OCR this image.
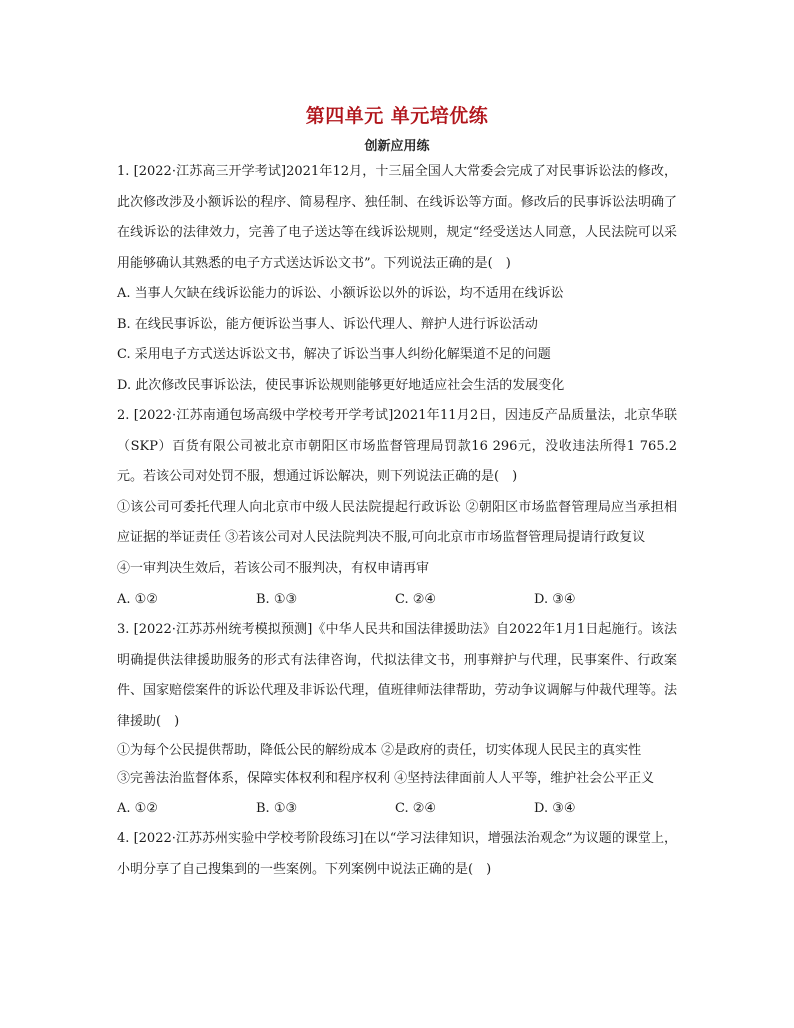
第四单元 单元培优练
创新应用练

1. [2022·江苏高三开学考试]2021年12月，十三届全国人大常委会完成了对民事诉讼法的修改，此次修改涉及小额诉讼的程序、简易程序、独任制、在线诉讼等方面。修改后的民事诉讼法明确了在线诉讼的法律效力，完善了电子送达等在线诉讼规则，规定“经受送达人同意，人民法院可以采用能够确认其熟悉的电子方式送达诉讼文书”。下列说法正确的是(　)

A. 当事人欠缺在线诉讼能力的诉讼、小额诉讼以外的诉讼，均不适用在线诉讼

B. 在线民事诉讼，能方便诉讼当事人、诉讼代理人、辩护人进行诉讼活动

C. 采用电子方式送达诉讼文书，解决了诉讼当事人纠纷化解渠道不足的问题

D. 此次修改民事诉讼法，使民事诉讼规则能够更好地适应社会生活的发展变化

2. [2022·江苏南通包场高级中学校考开学考试]2021年11月2日，因违反产品质量法，北京华联（SKP）百货有限公司被北京市朝阳区市场监督管理局罚款16 296元，没收违法所得1 765.2元。若该公司对处罚不服，想通过诉讼解决，则下列说法正确的是(　)

①该公司可委托代理人向北京市中级人民法院提起行政诉讼 ②朝阳区市场监督管理局应当承担相应证据的举证责任 ③若该公司对人民法院判决不服,可向北京市市场监督管理局提请行政复议

④一审判决生效后，若该公司不服判决，有权申请再审

A. ①②	B. ①③	C. ②④	D. ③④

3. [2022·江苏苏州统考模拟预测]《中华人民共和国法律援助法》自2022年1月1日起施行。该法明确提供法律援助服务的形式有法律咨询，代拟法律文书，刑事辩护与代理，民事案件、行政案件、国家赔偿案件的诉讼代理及非诉讼代理，值班律师法律帮助，劳动争议调解与仲裁代理等。法律援助(　)

①为每个公民提供帮助，降低公民的解纷成本 ②是政府的责任，切实体现人民民主的真实性

③完善法治监督体系，保障实体权利和程序权利 ④坚持法律面前人人平等，维护社会公平正义

A. ①②	B. ①③	C. ②④	D. ③④

4. [2022·江苏苏州实验中学校考阶段练习]在以“学习法律知识，增强法治观念”为议题的课堂上，小明分享了自己搜集到的一些案例。下列案例中说法正确的是(　)
